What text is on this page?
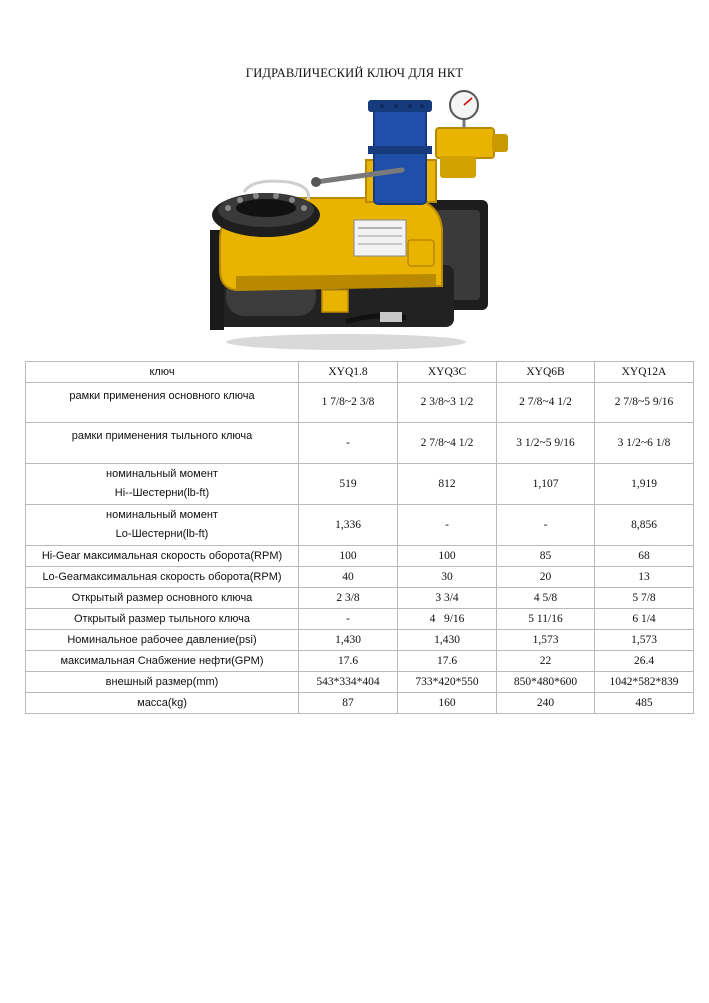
ГИДРАВЛИЧЕСКИЙ КЛЮЧ ДЛЯ НКТ
ключ	XYQ1.8	XYQ3C	XYQ6B	XYQ12A
рамки применения основного ключа	1 7/8~2 3/8	2 3/8~3 1/2	2 7/8~4 1/2	2 7/8~5 9/16
рамки применения тыльного ключа	-	2 7/8~4 1/2	3 1/2~5 9/16	3 1/2~6 1/8

номинальный момент
Hi--Шестерни(lb-ft)	519	812	1,107	1,919

номинальный момент
Lo-Шестерни(lb-ft)	1,336	-	-	8,856
Hi-Gear максимальная скорость оборота(RPM)	100	100	85	68
Lo-Gearмаксимальная скорость оборота(RPM)	40	30	20	13
Открытый размер основного ключа	2 3/8	3 3/4	4 5/8	5 7/8
Открытый размер тыльного ключа	-	4   9/16	5 11/16	6 1/4
Номинальное рабочее давление(psi)	1,430	1,430	1,573	1,573
максимальная Снабжение нефти(GPM)	17.6	17.6	22	26.4
внешный размер(mm)	543*334*404	733*420*550	850*480*600	1042*582*839
масса(kg)	87	160	240	485
